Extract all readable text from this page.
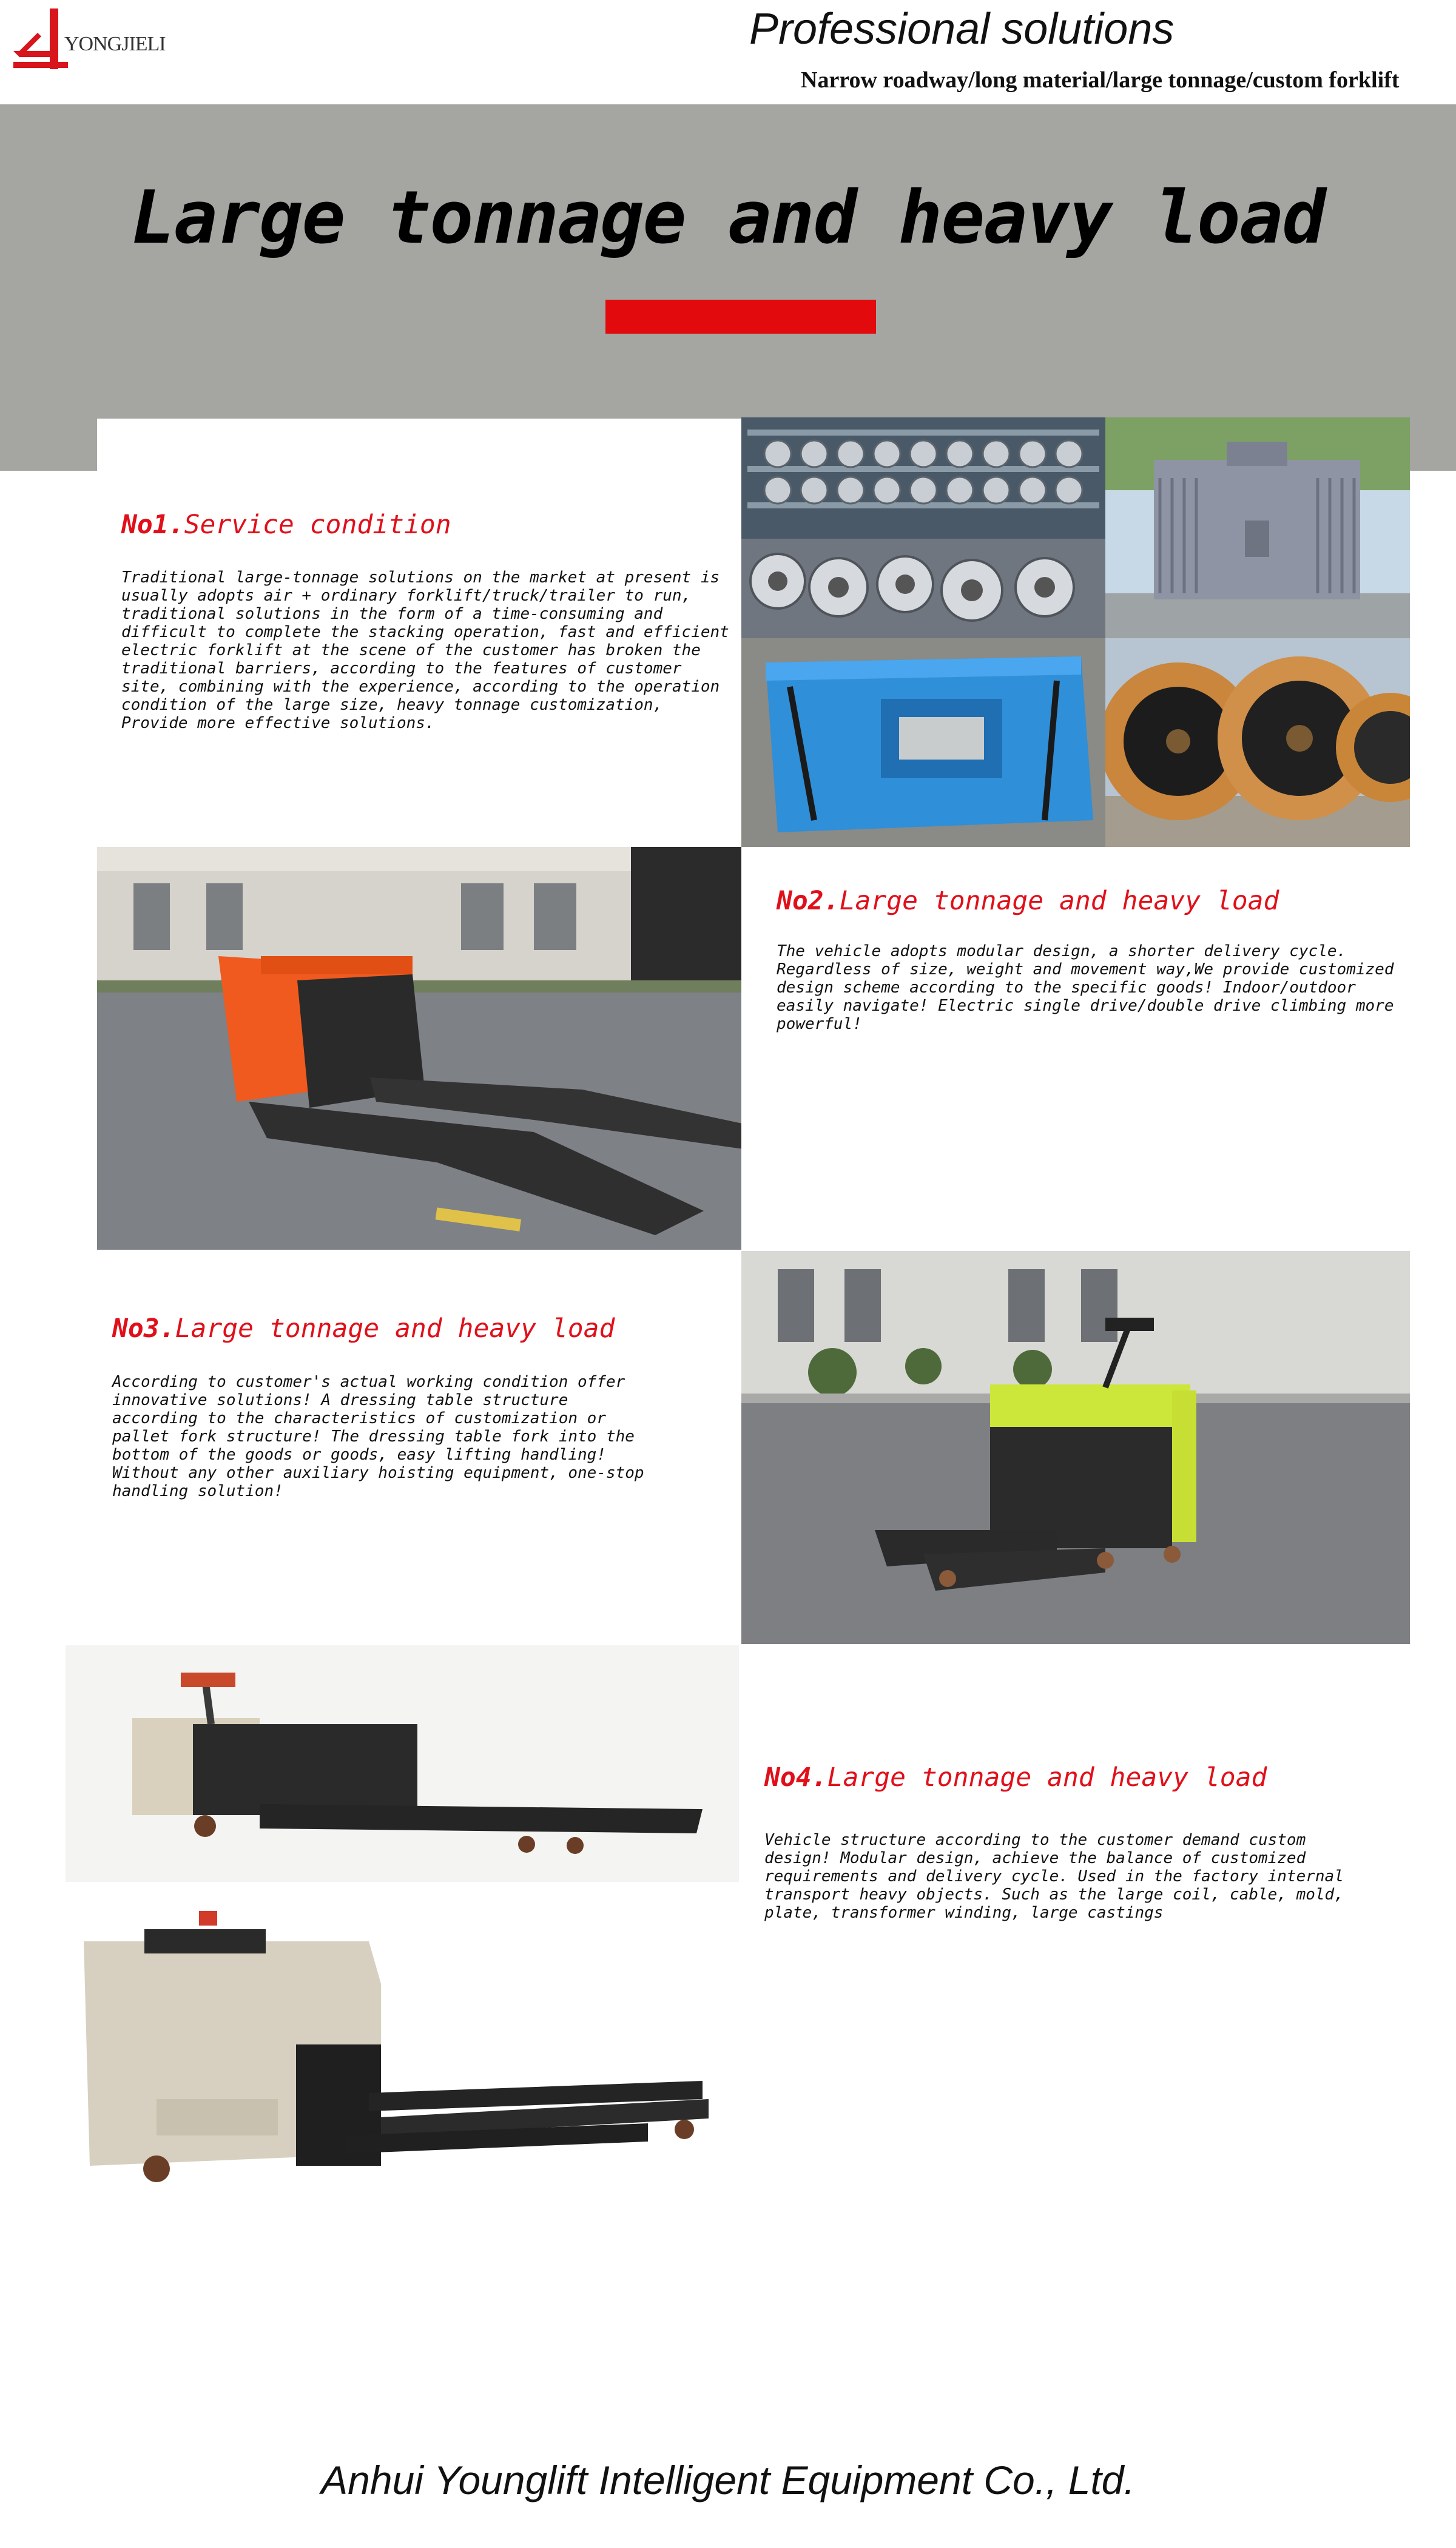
YONGJIELI	Professional solutions
Narrow roadway/long material/large tonnage/custom forklift
Large tonnage and heavy load
No1.Service condition
Traditional large-tonnage solutions on the market at present is usually adopts air + ordinary forklift/truck/trailer to run, traditional solutions in the form of a time-consuming and difficult to complete the stacking operation, fast and efficient electric forklift at the scene of the customer has broken the traditional barriers, according to the features of customer site, combining with the experience, according to the operation condition of the large size, heavy tonnage customization, Provide more effective solutions.
No2.Large tonnage and heavy load
The vehicle adopts modular design, a shorter delivery cycle. Regardless of size, weight and movement way,We provide customized design scheme according to the specific goods! Indoor/outdoor easily navigate! Electric single drive/double drive climbing more powerful!
No3.Large tonnage and heavy load
According to customer's actual working condition offer innovative solutions! A dressing table structure according to the characteristics of customization or pallet fork structure! The dressing table fork into the bottom of the goods or goods, easy lifting handling! Without any other auxiliary hoisting equipment, one-stop handling solution!
No4.Large tonnage and heavy load
Vehicle structure according to the customer demand custom design! Modular design, achieve the balance of customized requirements and delivery cycle. Used in the factory internal transport heavy objects. Such as the large coil, cable, mold, plate, transformer winding, large castings
Anhui Younglift Intelligent Equipment Co., Ltd.
